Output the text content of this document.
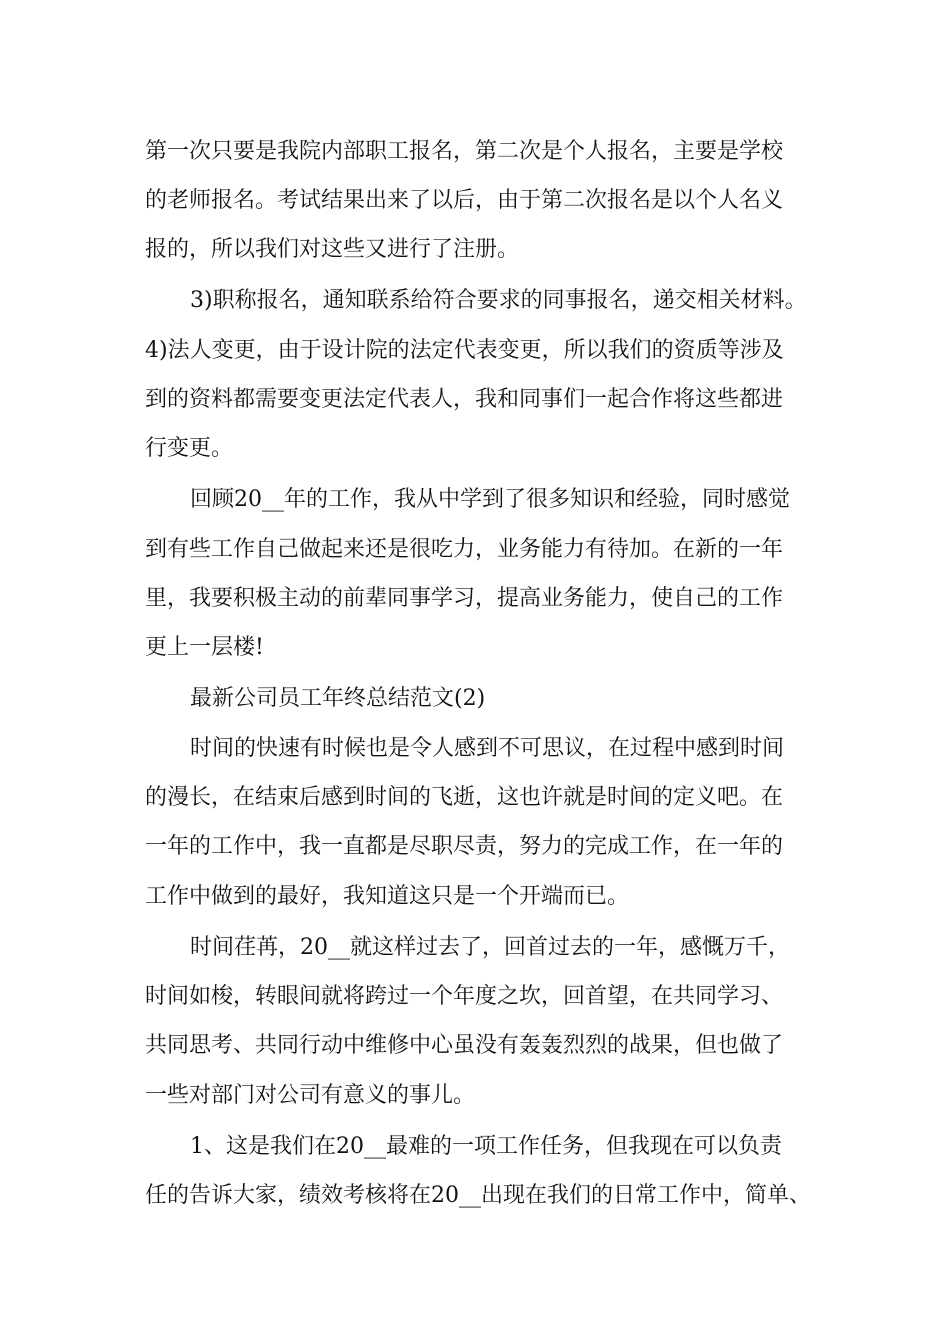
第一次只要是我院内部职工报名，第二次是个人报名，主要是学校
的老师报名。考试结果出来了以后，由于第二次报名是以个人名义
报的，所以我们对这些又进行了注册。
3)职称报名，通知联系给符合要求的同事报名，递交相关材料。
4)法人变更，由于设计院的法定代表变更，所以我们的资质等涉及
到的资料都需要变更法定代表人，我和同事们一起合作将这些都进
行变更。
回顾20__年的工作，我从中学到了很多知识和经验，同时感觉
到有些工作自己做起来还是很吃力，业务能力有待加。在新的一年
里，我要积极主动的前辈同事学习，提高业务能力，使自己的工作
更上一层楼!
最新公司员工年终总结范文(2)
时间的快速有时候也是令人感到不可思议，在过程中感到时间
的漫长，在结束后感到时间的飞逝，这也许就是时间的定义吧。在
一年的工作中，我一直都是尽职尽责，努力的完成工作，在一年的
工作中做到的最好，我知道这只是一个开端而已。
时间荏苒，20__就这样过去了，回首过去的一年，感慨万千，
时间如梭，转眼间就将跨过一个年度之坎，回首望，在共同学习、
共同思考、共同行动中维修中心虽没有轰轰烈烈的战果，但也做了
一些对部门对公司有意义的事儿。
1、这是我们在20__最难的一项工作任务，但我现在可以负责
任的告诉大家，绩效考核将在20__出现在我们的日常工作中，简单、
